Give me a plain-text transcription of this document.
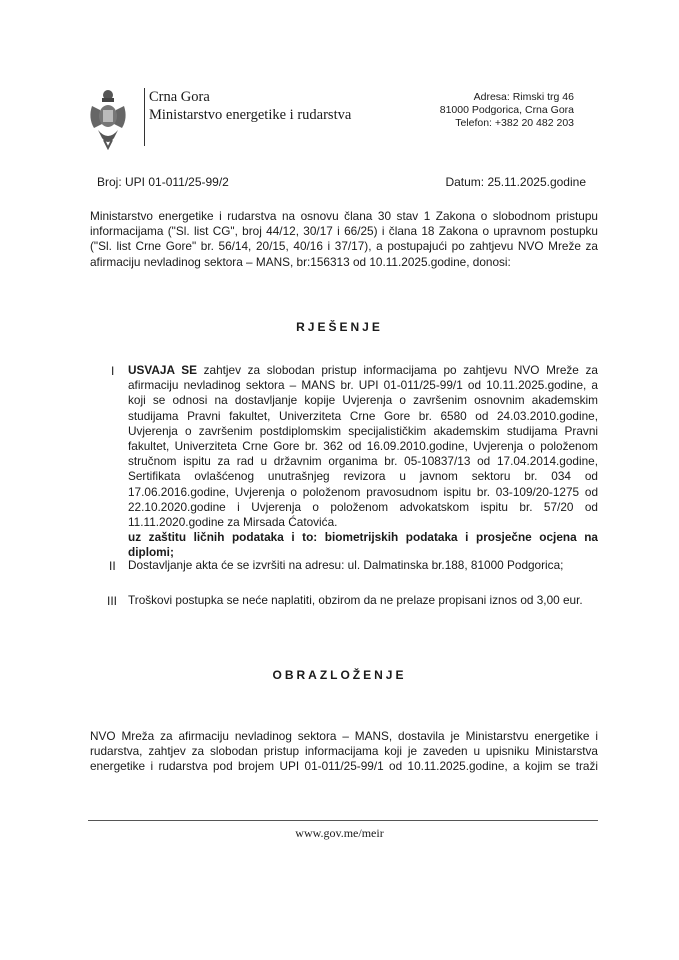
Crna Gora
Ministarstvo energetike i rudarstva
Adresa: Rimski trg 46
81000 Podgorica, Crna Gora
Telefon: +382 20 482 203
Broj: UPI 01-011/25-99/2	Datum: 25.11.2025.godine
Ministarstvo energetike i rudarstva na osnovu člana 30 stav 1 Zakona o slobodnom pristupu informacijama ("Sl. list CG", broj 44/12, 30/17 i 66/25) i člana 18 Zakona o upravnom postupku ("Sl. list Crne Gore" br. 56/14, 20/15, 40/16 i 37/17), a postupajući po zahtjevu NVO Mreže za afirmaciju nevladinog sektora – MANS, br:156313 od 10.11.2025.godine, donosi:
RJEŠENJE
I USVAJA SE zahtjev za slobodan pristup informacijama po zahtjevu NVO Mreže za afirmaciju nevladinog sektora – MANS br. UPI 01-011/25-99/1 od 10.11.2025.godine, a koji se odnosi na dostavljanje kopije Uvjerenja o završenim osnovnim akademskim studijama Pravni fakultet, Univerziteta Crne Gore br. 6580 od 24.03.2010.godine, Uvjerenja o završenim postdiplomskim specijalističkim akademskim studijama Pravni fakultet, Univerziteta Crne Gore br. 362 od 16.09.2010.godine, Uvjerenja o položenom stručnom ispitu za rad u državnim organima br. 05-10837/13 od 17.04.2014.godine, Sertifikata ovlašćenog unutrašnjeg revizora u javnom sektoru br. 034 od 17.06.2016.godine, Uvjerenja o položenom pravosudnom ispitu br. 03-109/20-1275 od 22.10.2020.godine i Uvjerenja o položenom advokatskom ispitu br. 57/20 od 11.11.2020.godine za Mirsada Ćatovića.
uz zaštitu ličnih podataka i to: biometrijskih podataka i prosječne ocjena na diplomi;
II Dostavljanje akta će se izvršiti na adresu: ul. Dalmatinska br.188, 81000 Podgorica;
III Troškovi postupka se neće naplatiti, obzirom da ne prelaze propisani iznos od 3,00 eur.
OBRAZLOŽENJE
NVO Mreža za afirmaciju nevladinog sektora – MANS, dostavila je Ministarstvu energetike i rudarstva, zahtjev za slobodan pristup informacijama koji je zaveden u upisniku Ministarstva energetike i rudarstva pod brojem UPI 01-011/25-99/1 od 10.11.2025.godine, a kojim se traži
www.gov.me/meir
